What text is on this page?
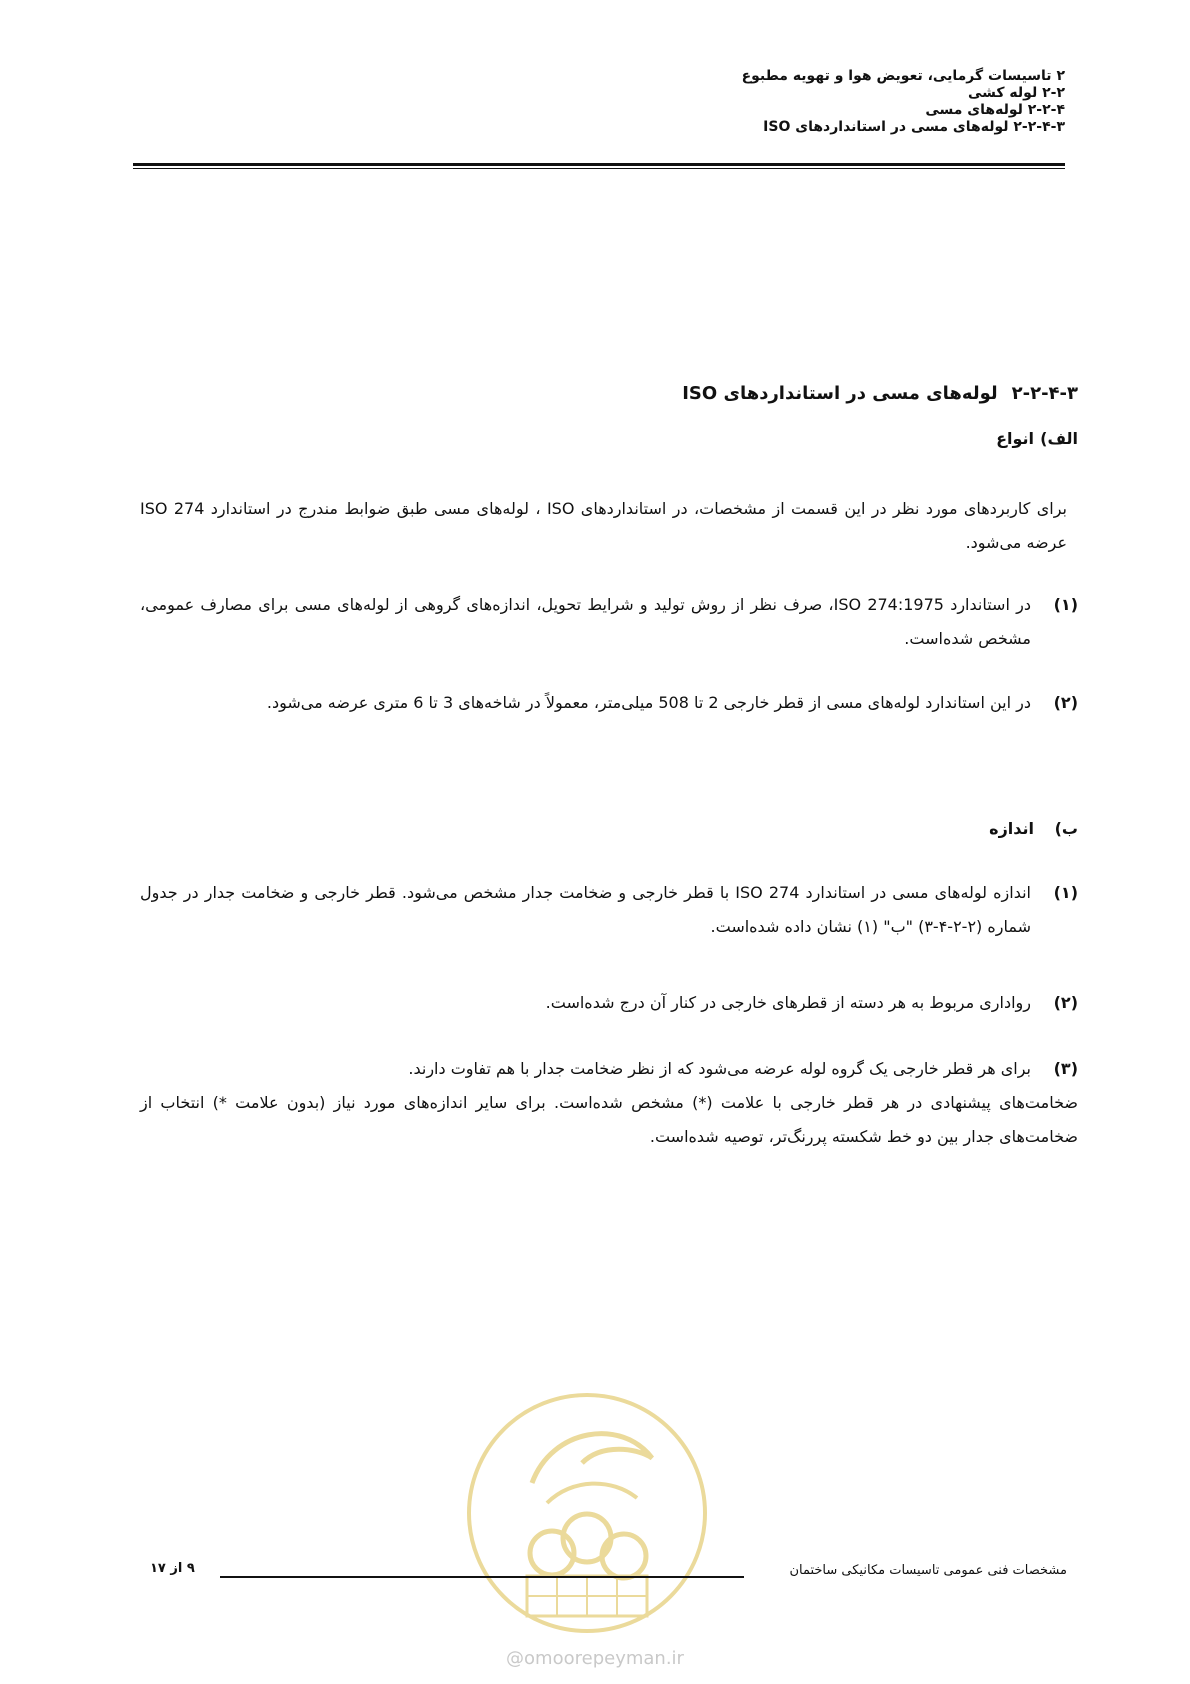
۲ تاسیسات گرمایی، تعویض هوا و تهویه مطبوع
۲-۲ لوله کشی
۲-۲-۴ لوله‌های مسی
۲-۲-۴-۳ لوله‌های مسی در استانداردهای ISO
۲-۲-۴-۳لوله‌های مسی در استانداردهای ISO
الف)انواع
برای کاربردهای مورد نظر در این قسمت از مشخصات، در استانداردهای ISO ، لوله‌های مسی طبق ضوابط مندرج در استاندارد ISO 274 عرضه می‌شود.
(۱)
در استاندارد ISO 274:1975، صرف نظر از روش تولید و شرایط تحویل، اندازه‌های گروهی از لوله‌های مسی برای مصارف عمومی، مشخص شده‌است.
(۲)
در این استاندارد لوله‌های مسی از قطر خارجی 2 تا 508 میلی‌متر، معمولاً در شاخه‌های 3 تا 6 متری عرضه می‌شود.
ب)اندازه
(۱)
اندازه لوله‌های مسی در استاندارد ISO 274 با قطر خارجی و ضخامت جدار مشخص می‌شود. قطر خارجی و ضخامت جدار در جدول شماره (۲-۲-۴-۳) "ب" (۱) نشان داده شده‌است.
(۲)
رواداری مربوط به هر دسته از قطرهای خارجی در کنار آن درج شده‌است.
(۳)
برای هر قطر خارجی یک گروه لوله عرضه می‌شود که از نظر ضخامت جدار با هم تفاوت دارند.
ضخامت‌های پیشنهادی در هر قطر خارجی با علامت (*) مشخص شده‌است. برای سایر اندازه‌های مورد نیاز (بدون علامت *) انتخاب از ضخامت‌های جدار بین دو خط شکسته پررنگ‌تر، توصیه شده‌است.
مشخصات فنی عمومی تاسیسات مکانیکی ساختمان
۹ از ۱۷
@omoorepeyman.ir
